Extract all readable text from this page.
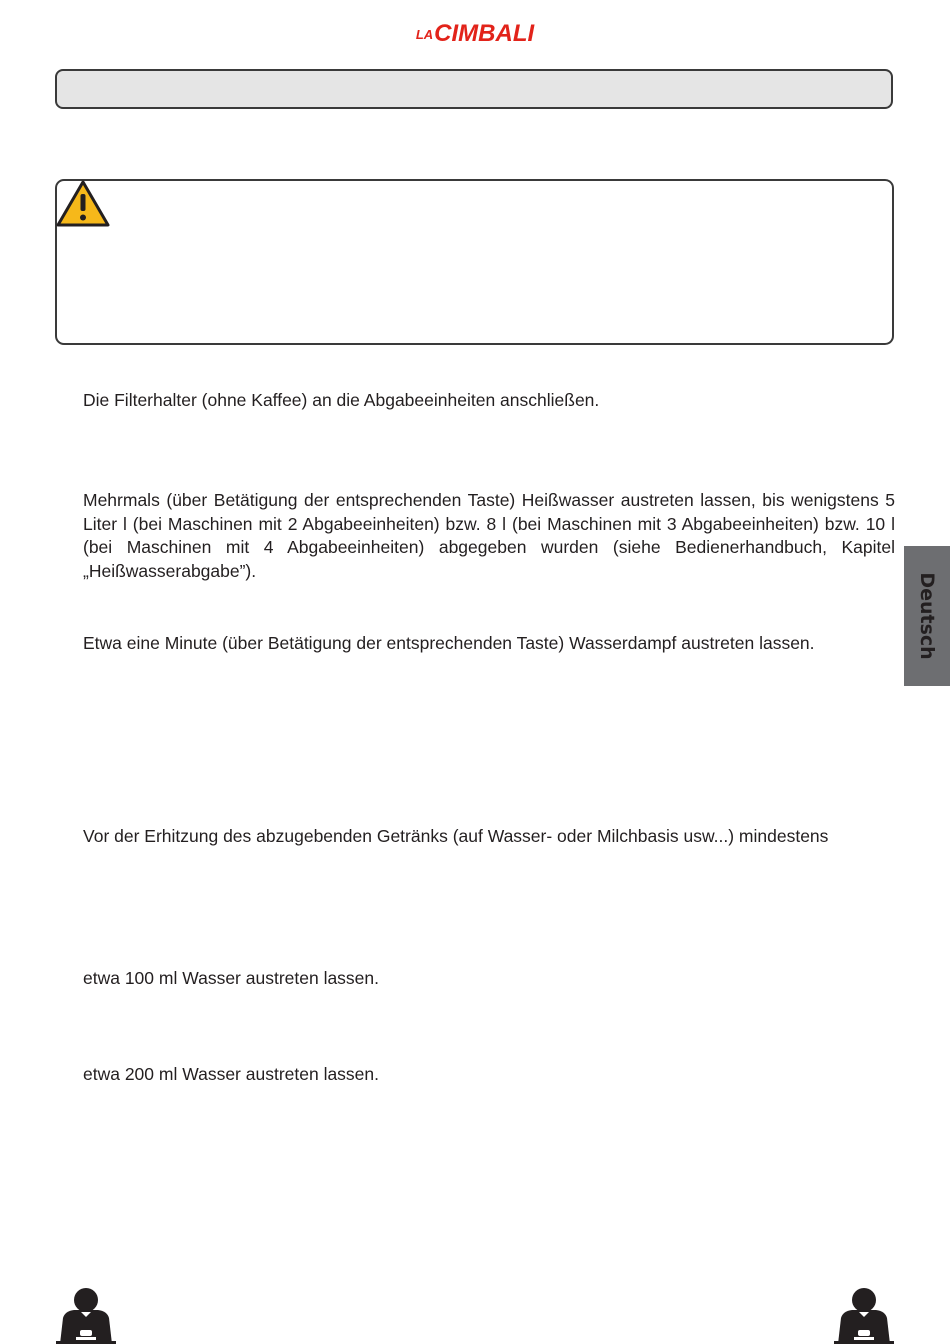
LACIMBALI

Die Filterhalter (ohne Kaffee) an die Abgabeeinheiten anschließen.

Mehrmals (über Betätigung der entsprechenden Taste) Heißwasser austreten lassen, bis wenigstens 5 Liter l (bei Maschinen mit 2 Abgabeeinheiten) bzw. 8 l (bei Maschinen mit 3 Abgabeeinheiten) bzw. 10 l (bei Maschinen mit 4 Abgabeeinheiten) abgegeben wurden (siehe Bedienerhandbuch, Kapitel „Heißwasserabgabe”).

Etwa eine Minute (über Betätigung der entsprechenden Taste) Wasserdampf austreten lassen.

Vor der Erhitzung des abzugebenden Getränks (auf Wasser- oder Milchbasis usw...) mindestens

etwa 100 ml Wasser austreten lassen.

etwa 200 ml Wasser austreten lassen.

Deutsch
